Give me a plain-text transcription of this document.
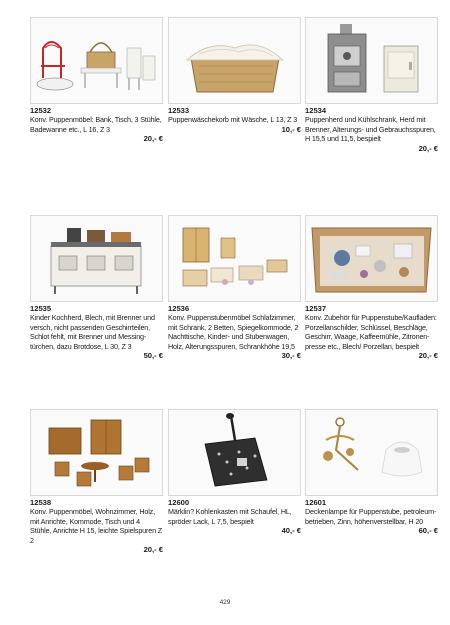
12532

Konv. Puppenmöbel: Bank, Tisch, 3 Stühle, Badewanne etc., L 16, Z 3

20,- €

12533

Puppenwäschekorb mit Wäsche, L 13, Z 3

10,- €

12534

Puppenherd und Kühlschrank, Herd mit Brenner, Alterungs- und Gebrauchsspuren, H 15,5 und 11,5, bespielt

20,- €

12535

Kinder Kochherd, Blech, mit Brenner und versch, nicht passenden Geschirrteilen, Schlot fehlt, mit Brenner und Messing-türchen, dazu Brotdose, L 30, Z 3

50,- €

12536

Konv. Puppenstubenmöbel Schlafzimmer, mit Schrank, 2 Betten, Spiegelkommode, 2 Nachttische, Kinder- und Stubenwagen, Holz, Alterungsspuren, Schrankhöhe 19,5

30,- €

12537

Konv. Zubehör für Puppenstube/Kaufladen: Porzellanschilder, Schlüssel, Beschläge, Geschirr, Waage, Kaffeemühle, Zitronen-presse etc., Blech/ Porzellan, bespielt

20,- €

12538

Konv. Puppenmöbel, Wohnzimmer, Holz, mit Anrichte, Kommode, Tisch und 4 Stühle, Anrichte H 15, leichte Spielspuren Z 2

20,- €

12600

Märklin? Kohlenkasten mit Schaufel, HL, spröder Lack, L 7,5, bespielt

40,- €

12601

Deckenlampe für Puppenstube, petroleum-betrieben, Zinn, höhenverstellbar, H 20

60,- €

429
